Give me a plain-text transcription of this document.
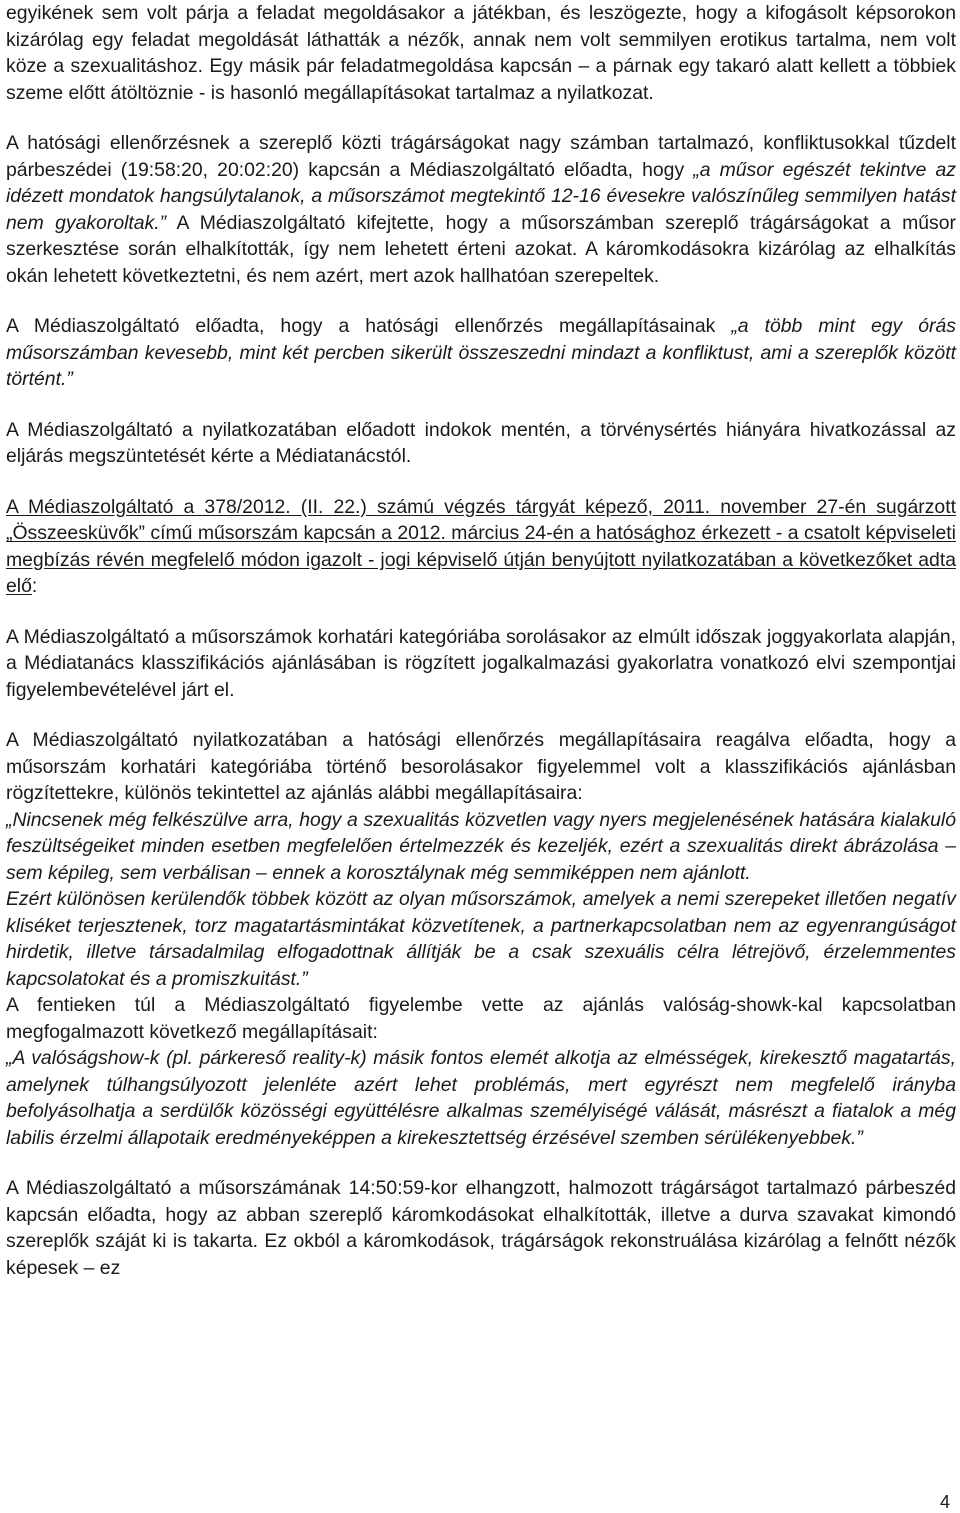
egyikének sem volt párja a feladat megoldásakor a játékban, és leszögezte, hogy a kifogásolt képsorokon kizárólag egy feladat megoldását láthatták a nézők, annak nem volt semmilyen erotikus tartalma, nem volt köze a szexualitáshoz. Egy másik pár feladatmegoldása kapcsán – a párnak egy takaró alatt kellett a többiek szeme előtt átöltöznie - is hasonló megállapításokat tartalmaz a nyilatkozat.

A hatósági ellenőrzésnek a szereplő közti trágárságokat nagy számban tartalmazó, konfliktusokkal tűzdelt párbeszédei (19:58:20, 20:02:20) kapcsán a Médiaszolgáltató előadta, hogy „a műsor egészét tekintve az idézett mondatok hangsúlytalanok, a műsorszámot megtekintő 12-16 évesekre valószínűleg semmilyen hatást nem gyakoroltak.” A Médiaszolgáltató kifejtette, hogy a műsorszámban szereplő trágárságokat a műsor szerkesztése során elhalkították, így nem lehetett érteni azokat. A káromkodásokra kizárólag az elhalkítás okán lehetett következtetni, és nem azért, mert azok hallhatóan szerepeltek.

A Médiaszolgáltató előadta, hogy a hatósági ellenőrzés megállapításainak „a több mint egy órás műsorszámban kevesebb, mint két percben sikerült összeszedni mindazt a konfliktust, ami a szereplők között történt.”

A Médiaszolgáltató a nyilatkozatában előadott indokok mentén, a törvénysértés hiányára hivatkozással az eljárás megszüntetését kérte a Médiatanácstól.

A Médiaszolgáltató a 378/2012. (II. 22.) számú végzés tárgyát képező, 2011. november 27-én sugárzott „Összeesküvők” című műsorszám kapcsán a 2012. március 24-én a hatósághoz érkezett - a csatolt képviseleti megbízás révén megfelelő módon igazolt - jogi képviselő útján benyújtott nyilatkozatában a következőket adta elő:

A Médiaszolgáltató a műsorszámok korhatári kategóriába sorolásakor az elmúlt időszak joggyakorlata alapján, a Médiatanács klasszifikációs ajánlásában is rögzített jogalkalmazási gyakorlatra vonatkozó elvi szempontjai figyelembevételével járt el.

A Médiaszolgáltató nyilatkozatában a hatósági ellenőrzés megállapításaira reagálva előadta, hogy a műsorszám korhatári kategóriába történő besorolásakor figyelemmel volt a klasszifikációs ajánlásban rögzítettekre, különös tekintettel az ajánlás alábbi megállapításaira:

„Nincsenek még felkészülve arra, hogy a szexualitás közvetlen vagy nyers megjelenésének hatására kialakuló feszültségeiket minden esetben megfelelően értelmezzék és kezeljék, ezért a szexualitás direkt ábrázolása – sem képileg, sem verbálisan – ennek a korosztálynak még semmiképpen nem ajánlott.

Ezért különösen kerülendők többek között az olyan műsorszámok, amelyek a nemi szerepeket illetően negatív kliséket terjesztenek, torz magatartásmintákat közvetítenek, a partnerkapcsolatban nem az egyenrangúságot hirdetik, illetve társadalmilag elfogadottnak állítják be a csak szexuális célra létrejövő, érzelemmentes kapcsolatokat és a promiszkuitást.”

A fentieken túl a Médiaszolgáltató figyelembe vette az ajánlás valóság-showk-kal kapcsolatban megfogalmazott következő megállapításait:

„A valóságshow-k (pl. párkereső reality-k) másik fontos elemét alkotja az elmésségek, kirekesztő magatartás, amelynek túlhangsúlyozott jelenléte azért lehet problémás, mert egyrészt nem megfelelő irányba befolyásolhatja a serdülők közösségi együttélésre alkalmas személyiségé válását, másrészt a fiatalok a még labilis érzelmi állapotaik eredményeképpen a kirekesztettség érzésével szemben sérülékenyebbek.”

A Médiaszolgáltató a műsorszámának 14:50:59-kor elhangzott, halmozott trágárságot tartalmazó párbeszéd kapcsán előadta, hogy az abban szereplő káromkodásokat elhalkították, illetve a durva szavakat kimondó szereplők száját ki is takarta. Ez okból a káromkodások, trágárságok rekonstruálása kizárólag a felnőtt nézők képesek – ez

4
